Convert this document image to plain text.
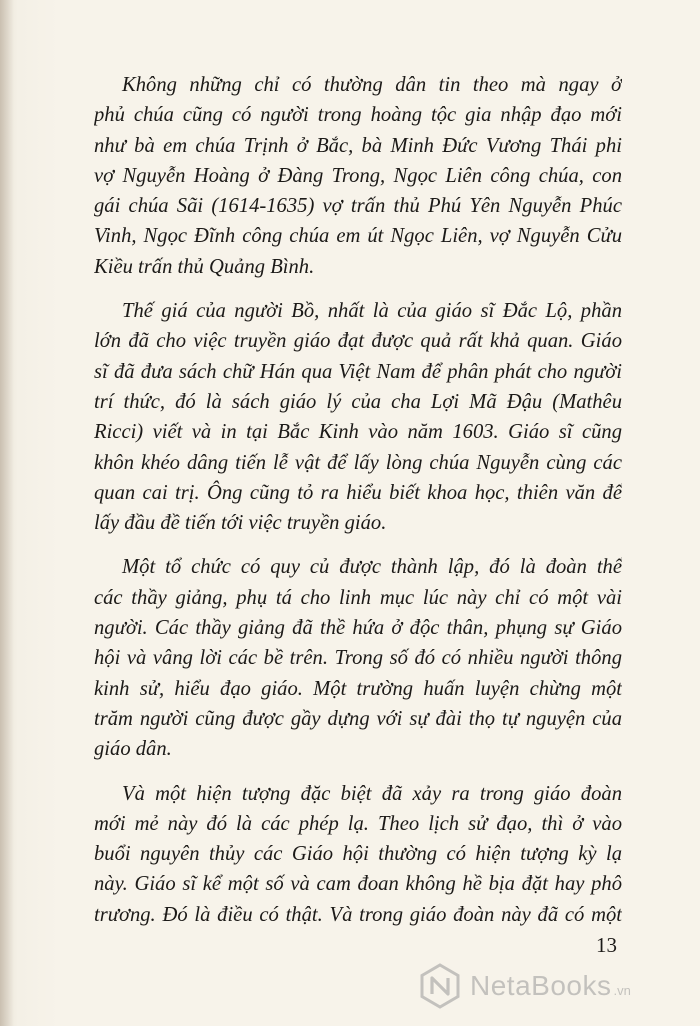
Không những chỉ có thường dân tin theo mà ngay ở
phủ chúa cũng có người trong hoàng tộc gia nhập đạo mới
như bà em chúa Trịnh ở Bắc, bà Minh Đức Vương Thái phi
vợ Nguyễn Hoàng ở Đàng Trong, Ngọc Liên công chúa, con
gái chúa Sãi (1614-1635) vợ trấn thủ Phú Yên Nguyễn Phúc
Vinh, Ngọc Đĩnh công chúa em út Ngọc Liên, vợ Nguyễn Cửu
Kiều trấn thủ Quảng Bình.

Thế giá của người Bồ, nhất là của giáo sĩ Đắc Lộ, phần
lớn đã cho việc truyền giáo đạt được quả rất khả quan. Giáo
sĩ đã đưa sách chữ Hán qua Việt Nam để phân phát cho người
trí thức, đó là sách giáo lý của cha Lợi Mã Đậu (Mathêu
Ricci) viết và in tại Bắc Kinh vào năm 1603. Giáo sĩ cũng
khôn khéo dâng tiến lễ vật để lấy lòng chúa Nguyễn cùng các
quan cai trị. Ông cũng tỏ ra hiểu biết khoa học, thiên văn để
lấy đầu đề tiến tới việc truyền giáo.

Một tổ chức có quy củ được thành lập, đó là đoàn thể
các thầy giảng, phụ tá cho linh mục lúc này chỉ có một vài
người. Các thầy giảng đã thề hứa ở độc thân, phụng sự Giáo
hội và vâng lời các bề trên. Trong số đó có nhiều người thông
kinh sử, hiểu đạo giáo. Một trường huấn luyện chừng một
trăm người cũng được gầy dựng với sự đài thọ tự nguyện của
giáo dân.

Và một hiện tượng đặc biệt đã xảy ra trong giáo đoàn
mới mẻ này đó là các phép lạ. Theo lịch sử đạo, thì ở vào
buổi nguyên thủy các Giáo hội thường có hiện tượng kỳ lạ
này. Giáo sĩ kể một số và cam đoan không hề bịa đặt hay phô
trương. Đó là điều có thật. Và trong giáo đoàn này đã có một

13
NetaBooks .vn
